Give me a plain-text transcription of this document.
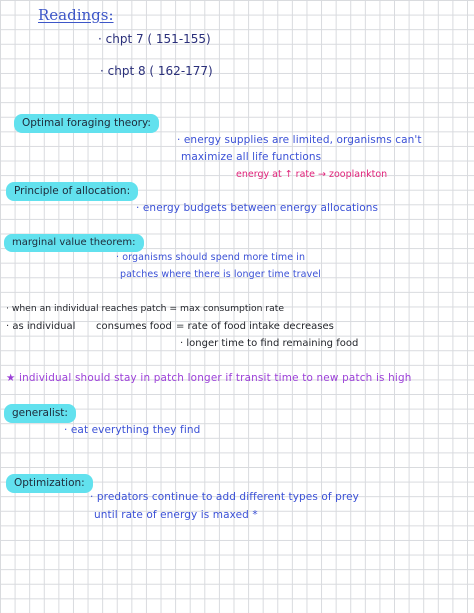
Readings:
· chpt 7 ( 151-155)
· chpt 8 ( 162-177)
Optimal foraging theory:
· energy supplies are limited, organisms can't
maximize all life functions
energy at ↑ rate → zooplankton
Principle of allocation:
· energy budgets between energy allocations
marginal value theorem:
· organisms should spend more time in
patches where there is longer time travel
· when an individual reaches patch = max consumption rate
· as individual consumes food = rate of food intake decreases
· longer time to find remaining food
★ individual should stay in patch longer if transit time to new patch is high
generalist:
· eat everything they find
Optimization:
· predators continue to add different types of prey
until rate of energy is maxed *
